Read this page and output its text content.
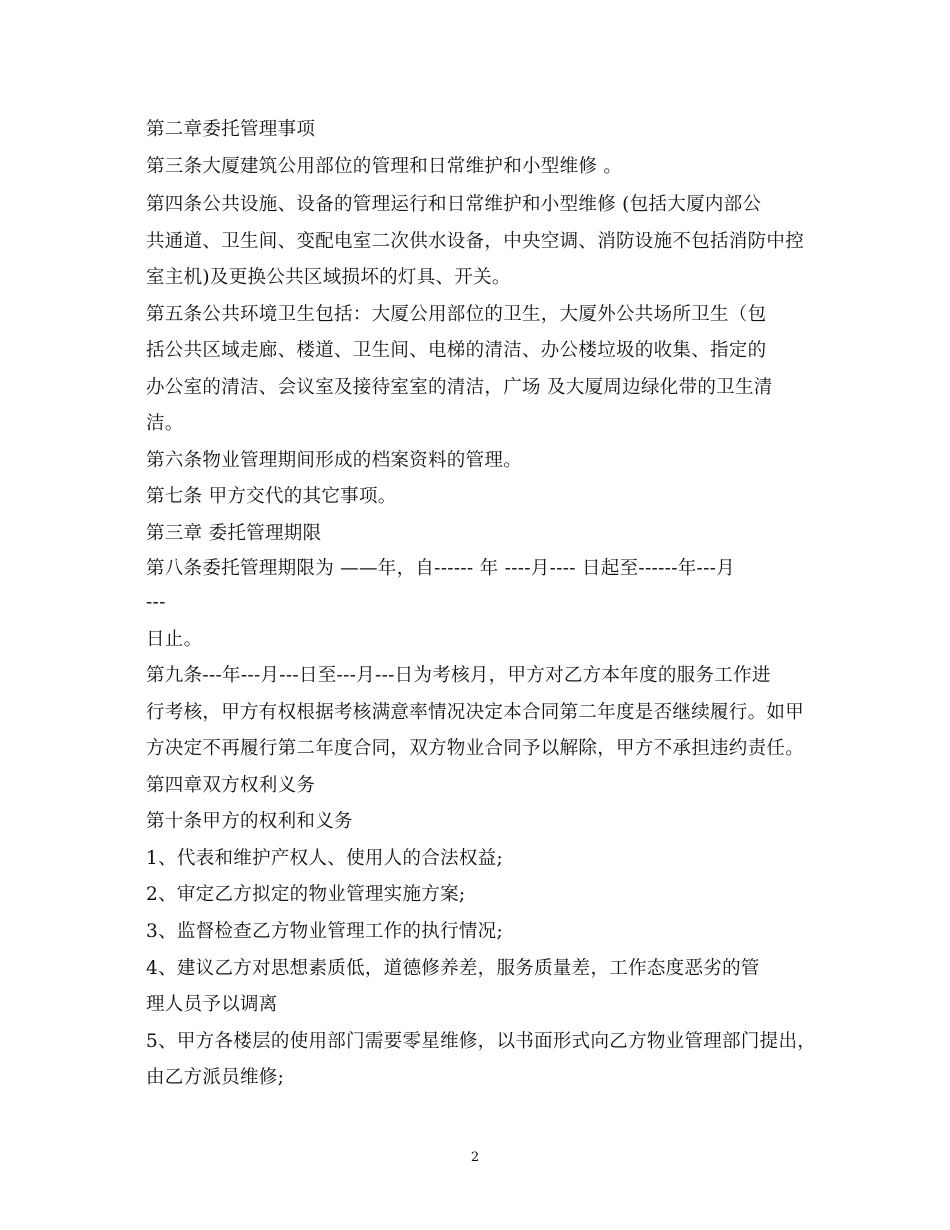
第二章委托管理事项
第三条大厦建筑公用部位的管理和日常维护和小型维修 。
第四条公共设施、设备的管理运行和日常维护和小型维修 (包括大厦内部公
共通道、卫生间、变配电室二次供水设备，中央空调、消防设施不包括消防中控
室主机)及更换公共区域损坏的灯具、开关。
第五条公共环境卫生包括：大厦公用部位的卫生，大厦外公共场所卫生（包
括公共区域走廊、楼道、卫生间、电梯的清洁、办公楼垃圾的收集、指定的
办公室的清洁、会议室及接待室室的清洁，广场 及大厦周边绿化带的卫生清
洁。
第六条物业管理期间形成的档案资料的管理。
第七条 甲方交代的其它事项。
第三章 委托管理期限
第八条委托管理期限为 ——年，自------ 年 ----月---- 日起至------年---月
---
日止。
第九条---年---月---日至---月---日为考核月，甲方对乙方本年度的服务工作进
行考核，甲方有权根据考核满意率情况决定本合同第二年度是否继续履行。如甲
方决定不再履行第二年度合同，双方物业合同予以解除，甲方不承担违约责任。
第四章双方权利义务
第十条甲方的权利和义务
1、代表和维护产权人、使用人的合法权益;
2、审定乙方拟定的物业管理实施方案;
3、监督检查乙方物业管理工作的执行情况;
4、建议乙方对思想素质低，道德修养差，服务质量差，工作态度恶劣的管
理人员予以调离
5、甲方各楼层的使用部门需要零星维修，以书面形式向乙方物业管理部门提出，
由乙方派员维修;
2
